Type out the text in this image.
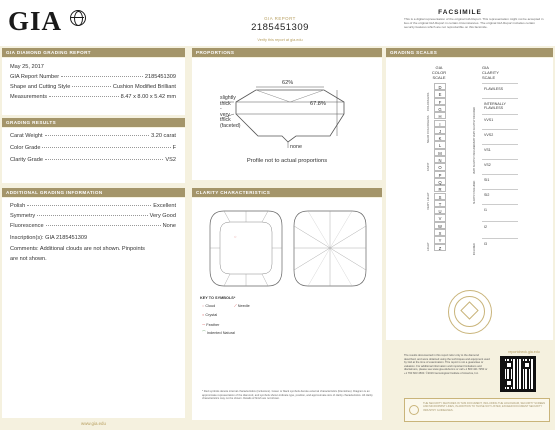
GIA	GIA REPORT
2185451309
Verify this report at gia.edu
FACSIMILE
This is a digital representation of the original GIA Report. This representation might not be accepted in lieu of the original GIA Report in certain circumstances. The original GIA Report includes certain security features which are not reproducible on this facsimile.
GIA DIAMOND GRADING REPORT
May 25, 2017
GIA Report Number	2185451309
Shape and Cutting Style	Cushion Modified Brilliant
Measurements	8.47 x 8.00 x 5.42 mm
GRADING RESULTS
Carat Weight	3.20 carat
Color Grade	F
Clarity Grade	VS2
ADDITIONAL GRADING INFORMATION
Polish	Excellent
Symmetry	Very Good
Fluorescence	None
Inscription(s): GIA 2185451309
Comments: Additional clouds are not shown. Pinpoints
are not shown.
www.gia.edu
PROPORTIONS
62%
67.8%
slightly
thick
-
very
thick
(faceted)
none
Profile not to actual proportions
CLARITY CHARACTERISTICS
◌
KEY TO SYMBOLS*
◌ Cloud	⟋ Needle
○ Crystal
∽ Feather
⌒ Indented Natural
* Red symbols denote internal characteristics (inclusions). Green or black symbols denote external characteristics (blemishes). Diagram is an approximate representation of the diamond, and symbols shown indicate type, position, and approximate size of clarity characteristics. All clarity characteristics may not be shown. Details of finish are not shown.
GRADING SCALES
GIA
COLOR
SCALE
GIA
CLARITY
SCALE
D
E
F
G
H
I
J
K
L
M
N
O
P
Q
R
S
T
U
V
W
X
Y
Z
COLORLESS
NEAR COLORLESS
FAINT
VERY LIGHT
LIGHT
FLAWLESS
INTERNALLY FLAWLESS
VVS1
VVS2
VS1
VS2
SI1
SI2
I1
I2
I3
VERY VERY SLIGHTLY INCLUDED
VERY SLIGHTLY INCLUDED
SLIGHTLY INCLUDED
INCLUDED
The results documented in this report refer only to the diamond described, and were obtained using the techniques and equipment used by GIA at the time of examination. This report is not a guarantee or valuation. For additional information and important limitations and disclaimers, please see www.gia.edu/terms or call +1 800 421 7250 or +1 760 603 4500. ©2016 Gemological Institute of America, Inc.
reportcheck.gia.edu
THE SECURITY FEATURES IN THIS DOCUMENT, INCLUDING THE HOLOGRAM, SECURITY SCREEN AND MICROPRINT LINES, IN ADDITION TO THOSE NOT LISTED, EXCEED DOCUMENT SECURITY INDUSTRY GUIDELINES.
